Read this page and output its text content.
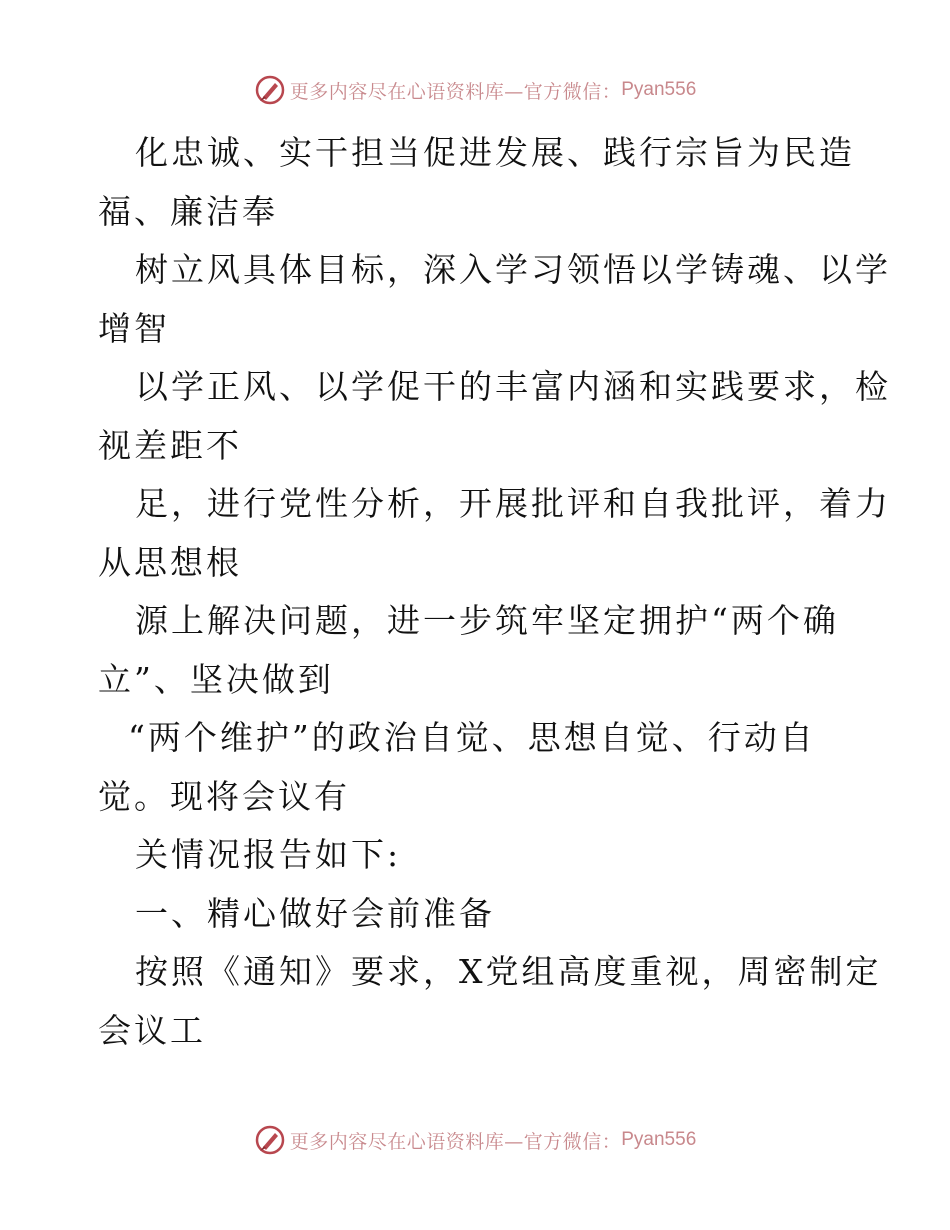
更多内容尽在心语资料库—官方微信： Pyan556
化忠诚、实干担当促进发展、践行宗旨为民造
福、廉洁奉
树立风具体目标，深入学习领悟以学铸魂、以学
增智
以学正风、以学促干的丰富内涵和实践要求，检
视差距不
足，进行党性分析，开展批评和自我批评，着力
从思想根
源上解决问题，进一步筑牢坚定拥护“两个确
立”、坚决做到
“两个维护”的政治自觉、思想自觉、行动自
觉。现将会议有
关情况报告如下:
一、精心做好会前准备
按照《通知》要求，X党组高度重视，周密制定
会议工
更多内容尽在心语资料库—官方微信： Pyan556
